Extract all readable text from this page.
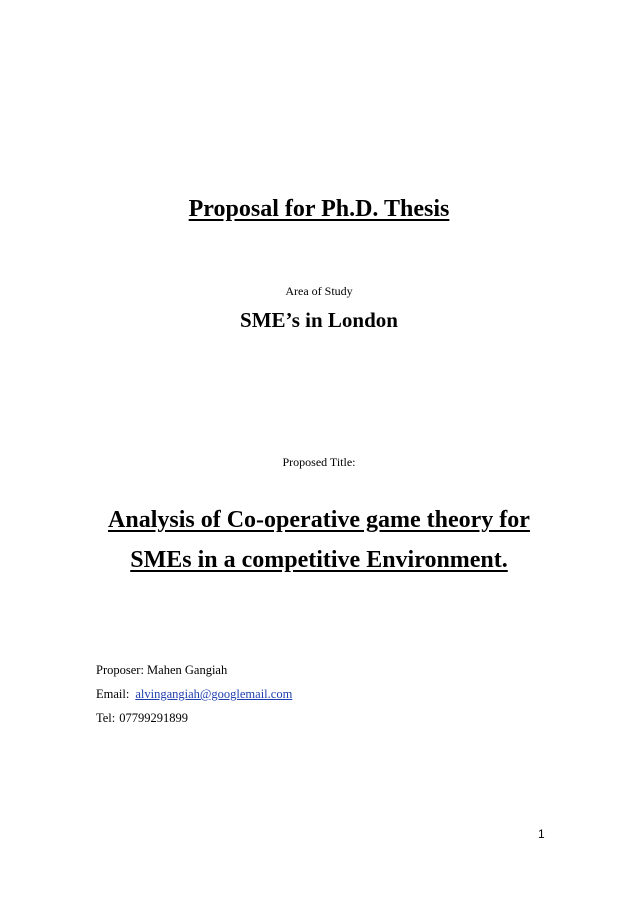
Proposal for Ph.D. Thesis
Area of Study
SME’s in London
Proposed Title:
Analysis of Co-operative game theory for
SMEs in a competitive Environment.
Proposer: Mahen Gangiah
Email: alvingangiah@googlemail.com
Tel: 07799291899
1
